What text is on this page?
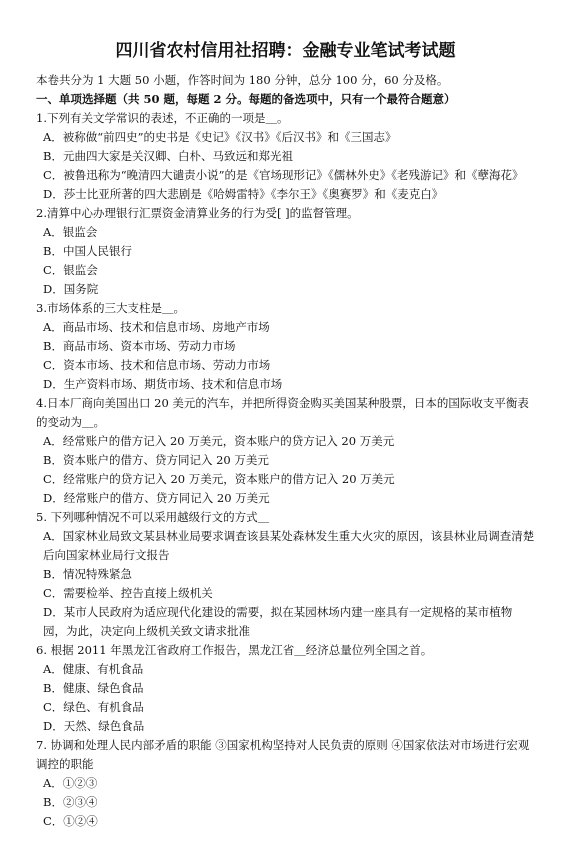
四川省农村信用社招聘：金融专业笔试考试题

本卷共分为 1 大题 50 小题，作答时间为 180 分钟，总分 100 分，60 分及格。

一、单项选择题（共 50 题，每题 2 分。每题的备选项中，只有一个最符合题意）

1.下列有关文学常识的表述，不正确的一项是＿。

A．被称做“前四史”的史书是《史记》《汉书》《后汉书》和《三国志》

B．元曲四大家是关汉卿、白朴、马致远和郑光祖

C．被鲁迅称为“晚清四大谴责小说”的是《官场现形记》《儒林外史》《老残游记》和《孽海花》

D．莎士比亚所著的四大悲剧是《哈姆雷特》《李尔王》《奥赛罗》和《麦克白》

2.清算中心办理银行汇票资金清算业务的行为受[ ]的监督管理。

A．银监会

B．中国人民银行

C．银监会

D．国务院

3.市场体系的三大支柱是＿。

A．商品市场、技术和信息市场、房地产市场

B．商品市场、资本市场、劳动力市场

C．资本市场、技术和信息市场、劳动力市场

D．生产资料市场、期货市场、技术和信息市场

4.日本厂商向美国出口 20 美元的汽车，并把所得资金购买美国某种股票，日本的国际收支平衡表的变动为＿。

A．经常账户的借方记入 20 万美元，资本账户的贷方记入 20 万美元

B．资本账户的借方、贷方同记入 20 万美元

C．经常账户的贷方记入 20 万美元，资本账户的借方记入 20 万美元

D．经常账户的借方、贷方同记入 20 万美元

5. 下列哪种情况不可以采用越级行文的方式＿

A．国家林业局致文某县林业局要求调查该县某处森林发生重大火灾的原因，该县林业局调查清楚后向国家林业局行文报告

B．情况特殊紧急

C．需要检举、控告直接上级机关

D．某市人民政府为适应现代化建设的需要，拟在某园林场内建一座具有一定规格的某市植物园，为此，决定向上级机关致文请求批准

6. 根据 2011 年黑龙江省政府工作报告，黑龙江省＿经济总量位列全国之首。

A．健康、有机食品

B．健康、绿色食品

C．绿色、有机食品

D．天然、绿色食品

7. 协调和处理人民内部矛盾的职能 ③国家机构坚持对人民负责的原则 ④国家依法对市场进行宏观调控的职能

A．①②③

B．②③④

C．①②④
